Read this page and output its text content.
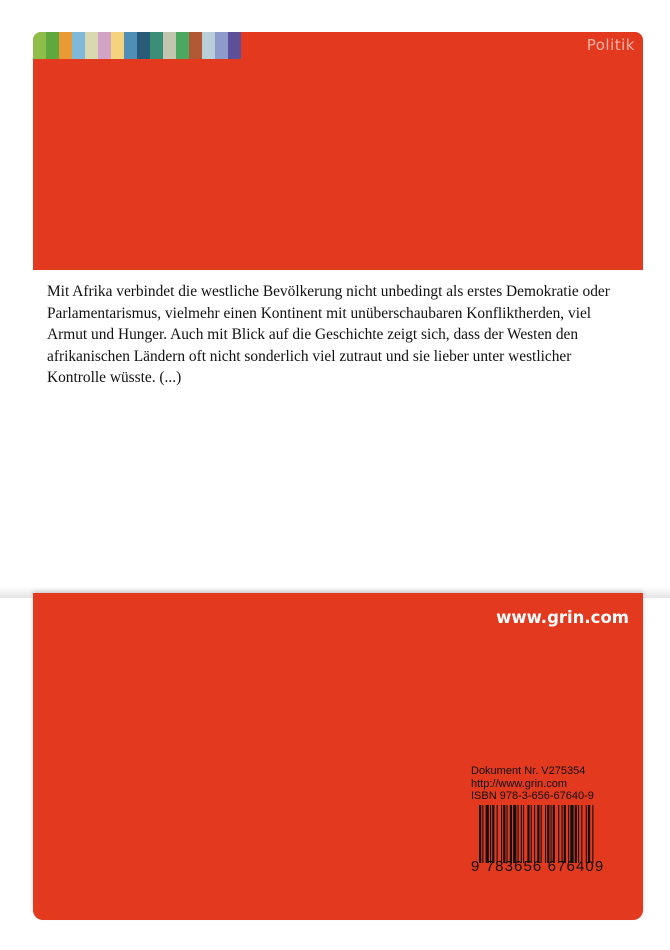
Politik

Mit Afrika verbindet die westliche Bevölkerung nicht unbedingt als erstes Demokratie oder Parlamentarismus, vielmehr einen Kontinent mit unüberschaubaren Konfliktherden, viel Armut und Hunger. Auch mit Blick auf die Geschichte zeigt sich, dass der Westen den afrikanischen Ländern oft nicht sonderlich viel zutraut und sie lieber unter westlicher Kontrolle wüsste. (...)

www.grin.com
Dokument Nr. V275354
http://www.grin.com
ISBN 978-3-656-67640-9
9 783656 676409
